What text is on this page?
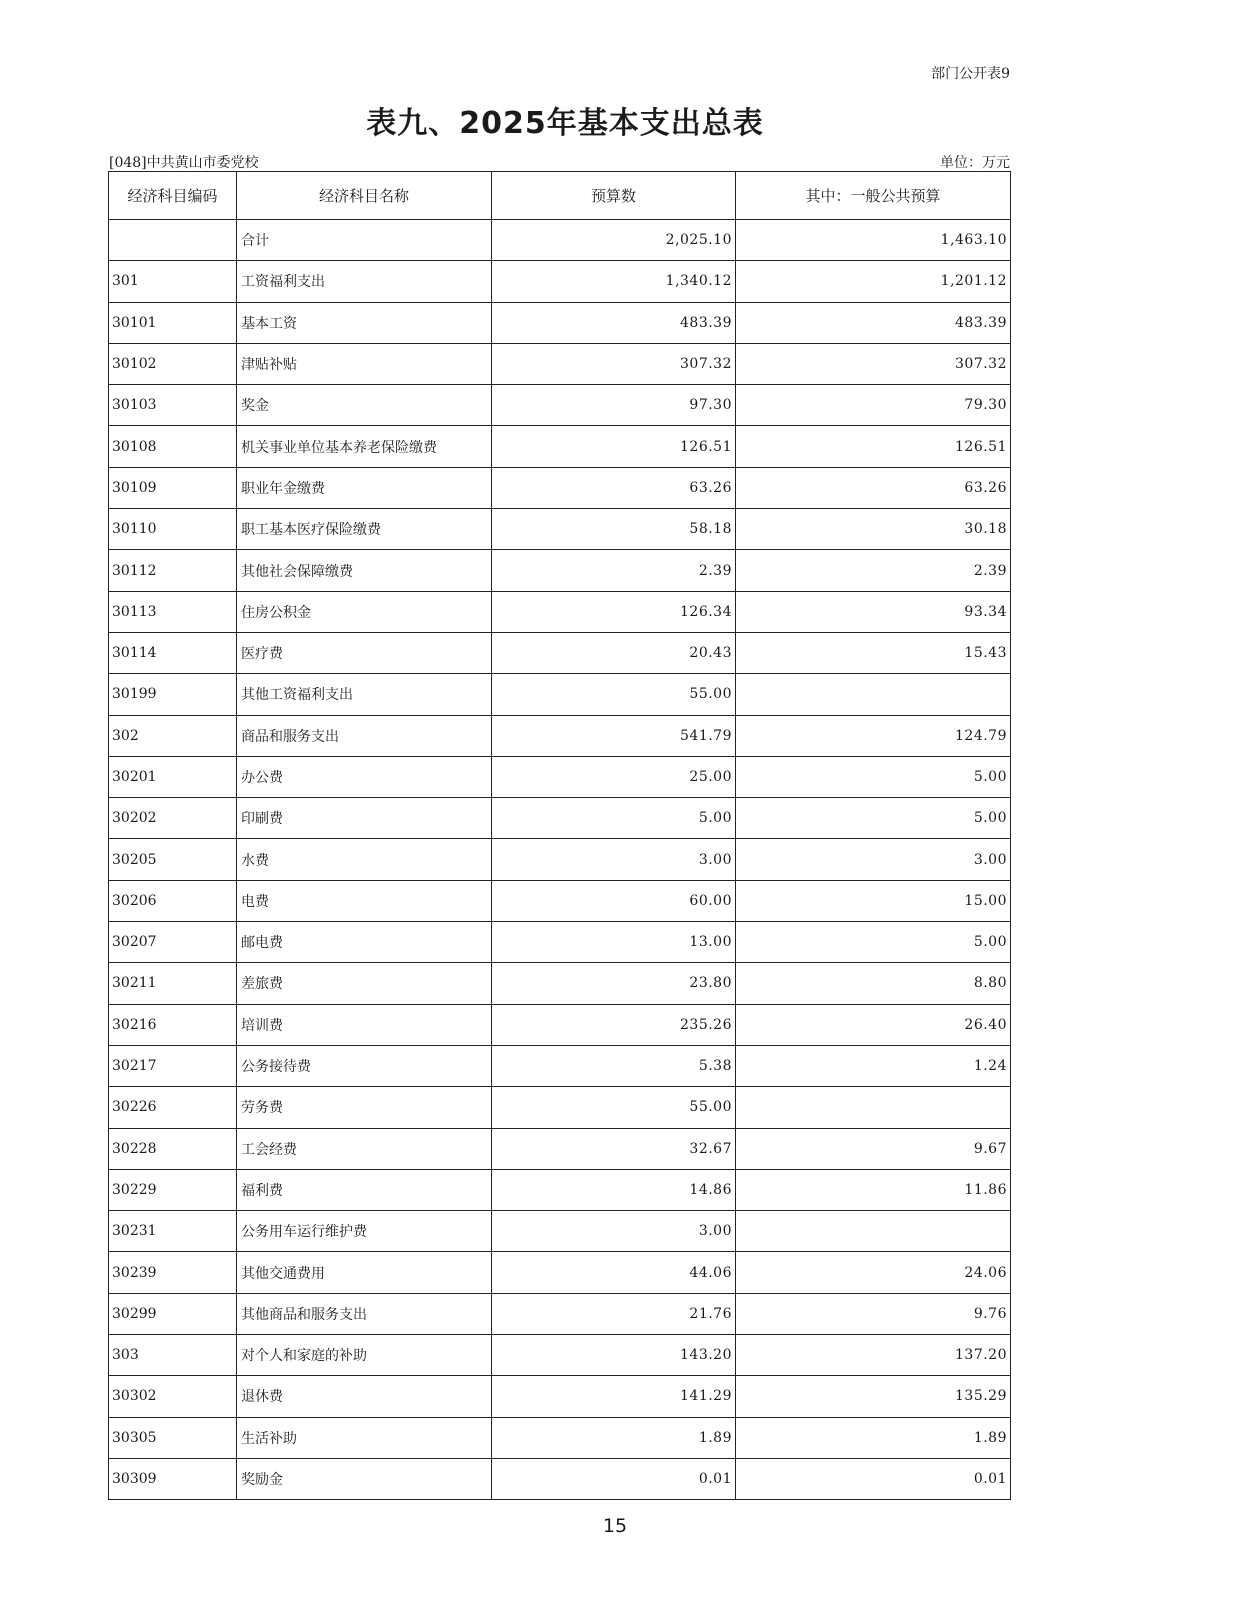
部门公开表9
表九、2025年基本支出总表
[048]中共黄山市委党校	单位：万元
经济科目编码	经济科目名称	预算数	其中：一般公共预算
	合计	2,025.10	1,463.10
301	工资福利支出	1,340.12	1,201.12
30101	基本工资	483.39	483.39
30102	津贴补贴	307.32	307.32
30103	奖金	97.30	79.30
30108	机关事业单位基本养老保险缴费	126.51	126.51
30109	职业年金缴费	63.26	63.26
30110	职工基本医疗保险缴费	58.18	30.18
30112	其他社会保障缴费	2.39	2.39
30113	住房公积金	126.34	93.34
30114	医疗费	20.43	15.43
30199	其他工资福利支出	55.00	
302	商品和服务支出	541.79	124.79
30201	办公费	25.00	5.00
30202	印刷费	5.00	5.00
30205	水费	3.00	3.00
30206	电费	60.00	15.00
30207	邮电费	13.00	5.00
30211	差旅费	23.80	8.80
30216	培训费	235.26	26.40
30217	公务接待费	5.38	1.24
30226	劳务费	55.00	
30228	工会经费	32.67	9.67
30229	福利费	14.86	11.86
30231	公务用车运行维护费	3.00	
30239	其他交通费用	44.06	24.06
30299	其他商品和服务支出	21.76	9.76
303	对个人和家庭的补助	143.20	137.20
30302	退休费	141.29	135.29
30305	生活补助	1.89	1.89
30309	奖励金	0.01	0.01
15
